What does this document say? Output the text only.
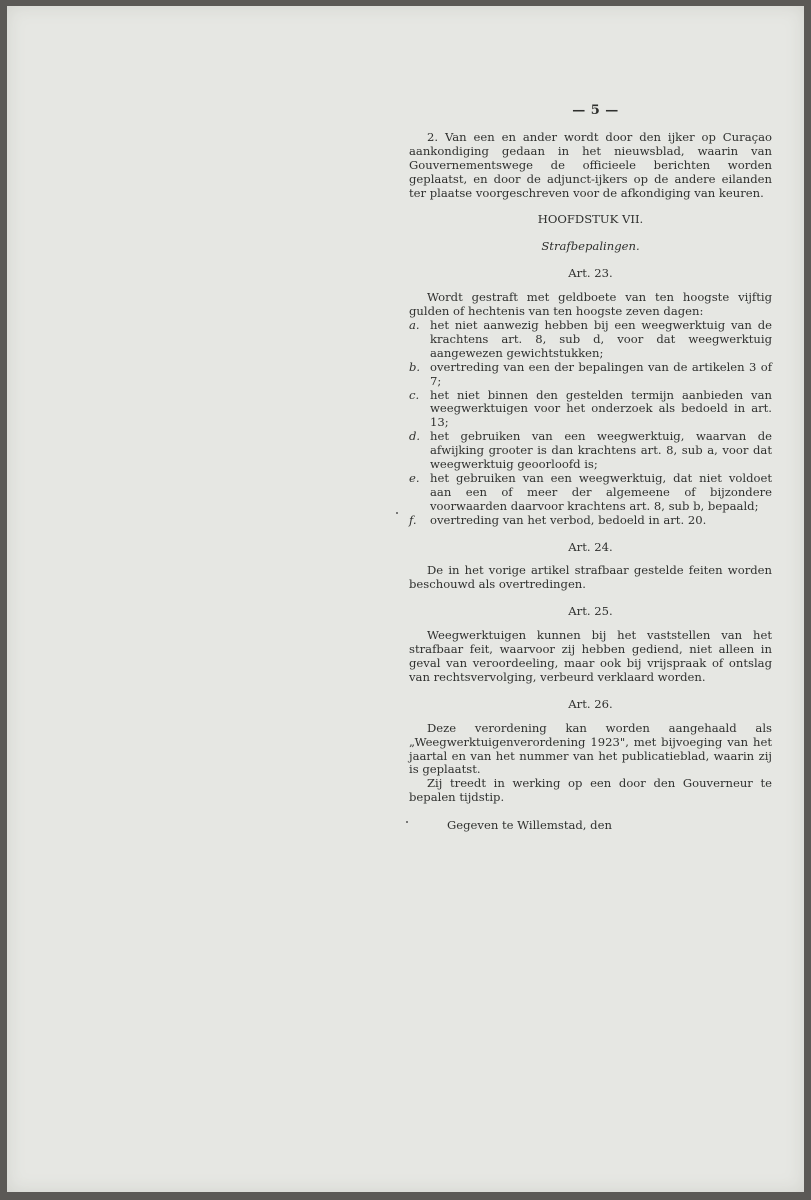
— 5 —

2. Van een en ander wordt door den ijker op Curaçao aankondiging gedaan in het nieuwsblad, waarin van Gouvernementswege de officieele berichten worden geplaatst, en door de adjunct-ijkers op de andere eilanden ter plaatse voorgeschreven voor de afkondiging van keuren.

HOOFDSTUK VII.
Strafbepalingen.
Art. 23.

Wordt gestraft met geldboete van ten hoogste vijftig gulden of hechtenis van ten hoogste zeven dagen:

a. het niet aanwezig hebben bij een weegwerktuig van de krachtens art. 8, sub d, voor dat weegwerktuig aangewezen gewichtstukken;
b. overtreding van een der bepalingen van de artikelen 3 of 7;
c. het niet binnen den gestelden termijn aanbieden van weegwerktuigen voor het onderzoek als bedoeld in art. 13;
d. het gebruiken van een weegwerktuig, waarvan de afwijking grooter is dan krachtens art. 8, sub a, voor dat weegwerktuig geoorloofd is;
e. het gebruiken van een weegwerktuig, dat niet voldoet aan een of meer der algemeene of bijzondere voorwaarden daarvoor krachtens art. 8, sub b, bepaald;
f.	overtreding van het verbod, bedoeld in art. 20.
Art. 24.

De in het vorige artikel strafbaar gestelde feiten worden beschouwd als overtredingen.

Art. 25.

Weegwerktuigen kunnen bij het vaststellen van het strafbaar feit, waarvoor zij hebben gediend, niet alleen in geval van veroordeeling, maar ook bij vrijspraak of ontslag van rechtsvervolging, verbeurd verklaard worden.

Art. 26.

Deze verordening kan worden aangehaald als „Weegwerktuigenverordening 1923", met bijvoeging van het jaartal en van het nummer van het publicatieblad, waarin zij is geplaatst.

Zij treedt in werking op een door den Gouverneur te bepalen tijdstip.

Gegeven te Willemstad, den
